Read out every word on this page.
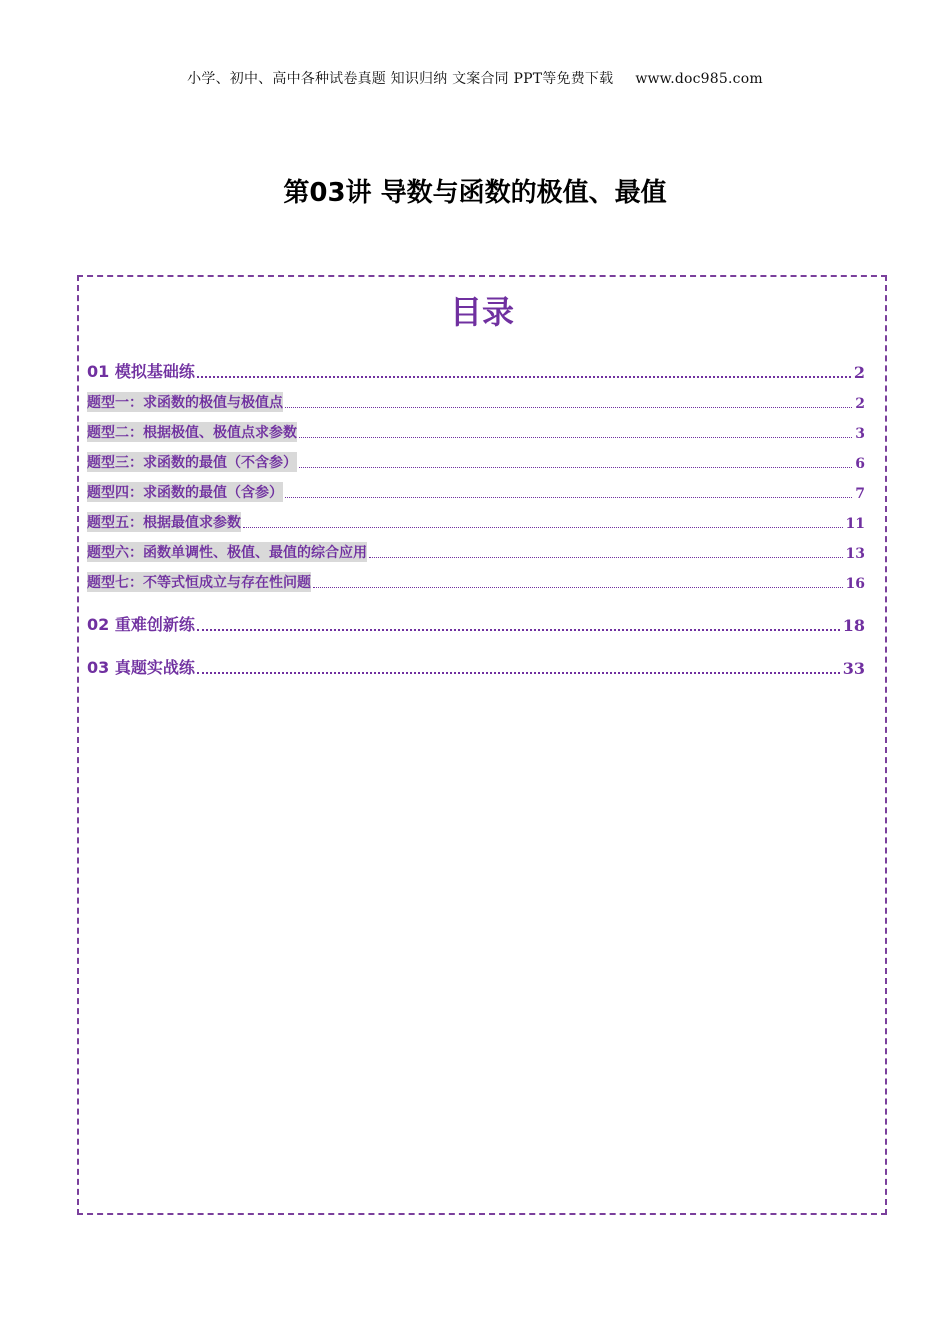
小学、初中、高中各种试卷真题 知识归纳 文案合同 PPT等免费下载 www.doc985.com
第03讲 导数与函数的极值、最值
目录
01 模拟基础练	2
题型一：求函数的极值与极值点	2
题型二：根据极值、极值点求参数	3
题型三：求函数的最值（不含参）	6
题型四：求函数的最值（含参）	7
题型五：根据最值求参数	11
题型六：函数单调性、极值、最值的综合应用	13
题型七：不等式恒成立与存在性问题	16
02 重难创新练	18
03 真题实战练	33
